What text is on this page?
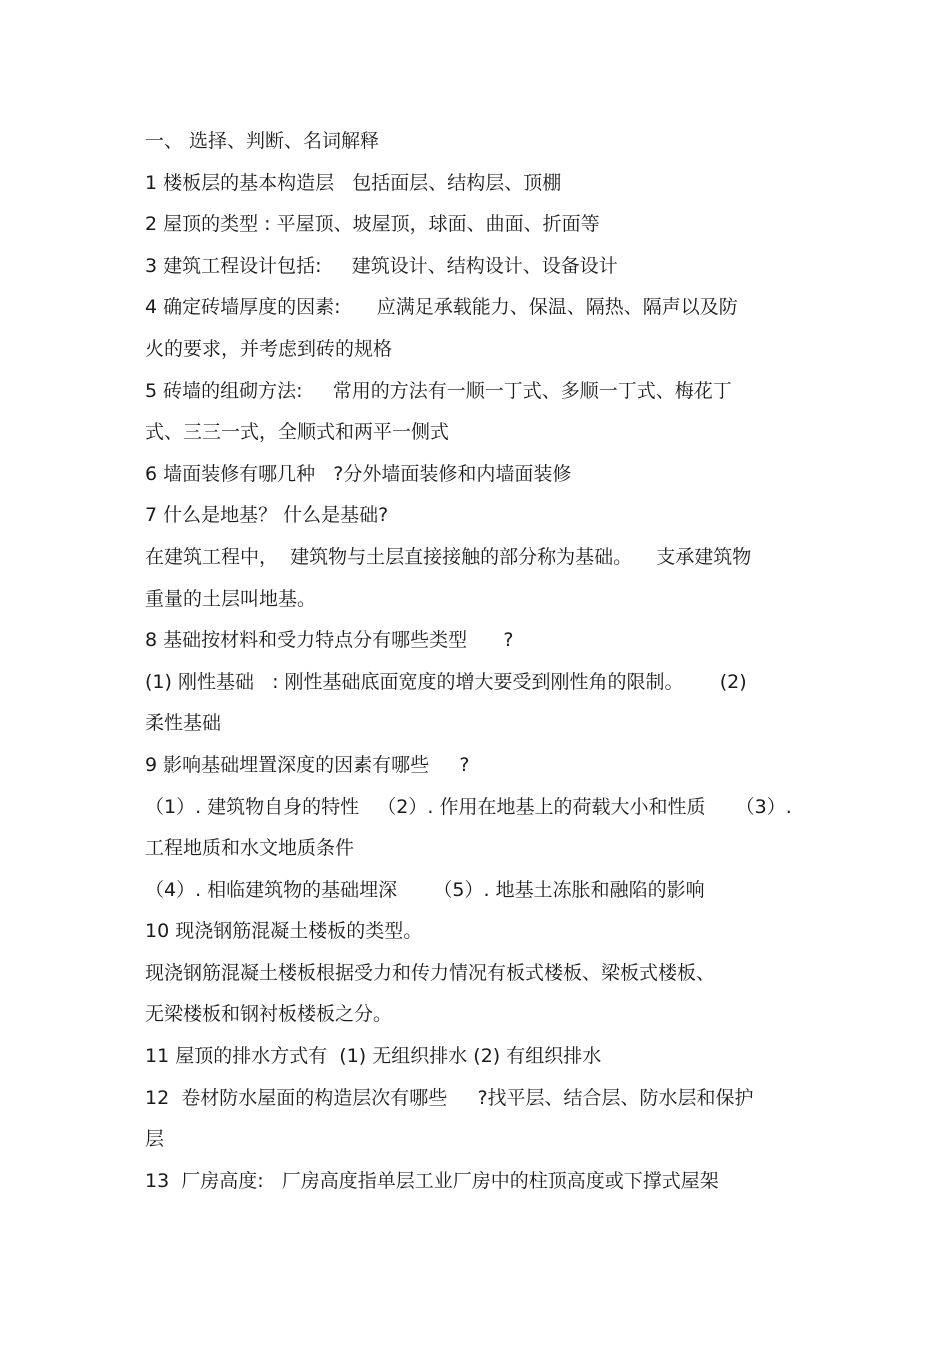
一、 选择、判断、名词解释
1 楼板层的基本构造层   包括面层、结构层、顶棚
2 屋顶的类型 : 平屋顶、坡屋顶，球面、曲面、折面等
3 建筑工程设计包括:     建筑设计、结构设计、设备设计
4 确定砖墙厚度的因素:      应满足承载能力、保温、隔热、隔声以及防
火的要求，并考虑到砖的规格
5 砖墙的组砌方法:     常用的方法有一顺一丁式、多顺一丁式、梅花丁
式、三三一式，全顺式和两平一侧式
6 墙面装修有哪几种   ?分外墙面装修和内墙面装修
7 什么是地基？ 什么是基础?
在建筑工程中，  建筑物与土层直接接触的部分称为基础。    支承建筑物
重量的土层叫地基。
8 基础按材料和受力特点分有哪些类型      ?
(1) 刚性基础   : 刚性基础底面宽度的增大要受到刚性角的限制。      (2)
柔性基础
9 影响基础埋置深度的因素有哪些     ?
（1）. 建筑物自身的特性   （2）. 作用在地基上的荷载大小和性质     （3）.
工程地质和水文地质条件
（4）. 相临建筑物的基础埋深      （5）. 地基土冻胀和融陷的影响
10 现浇钢筋混凝土楼板的类型。
现浇钢筋混凝土楼板根据受力和传力情况有板式楼板、梁板式楼板、
无梁楼板和钢衬板楼板之分。
11 屋顶的排水方式有  (1) 无组织排水 (2) 有组织排水
12  卷材防水屋面的构造层次有哪些     ?找平层、结合层、防水层和保护
层
13  厂房高度:   厂房高度指单层工业厂房中的柱顶高度或下撑式屋架
